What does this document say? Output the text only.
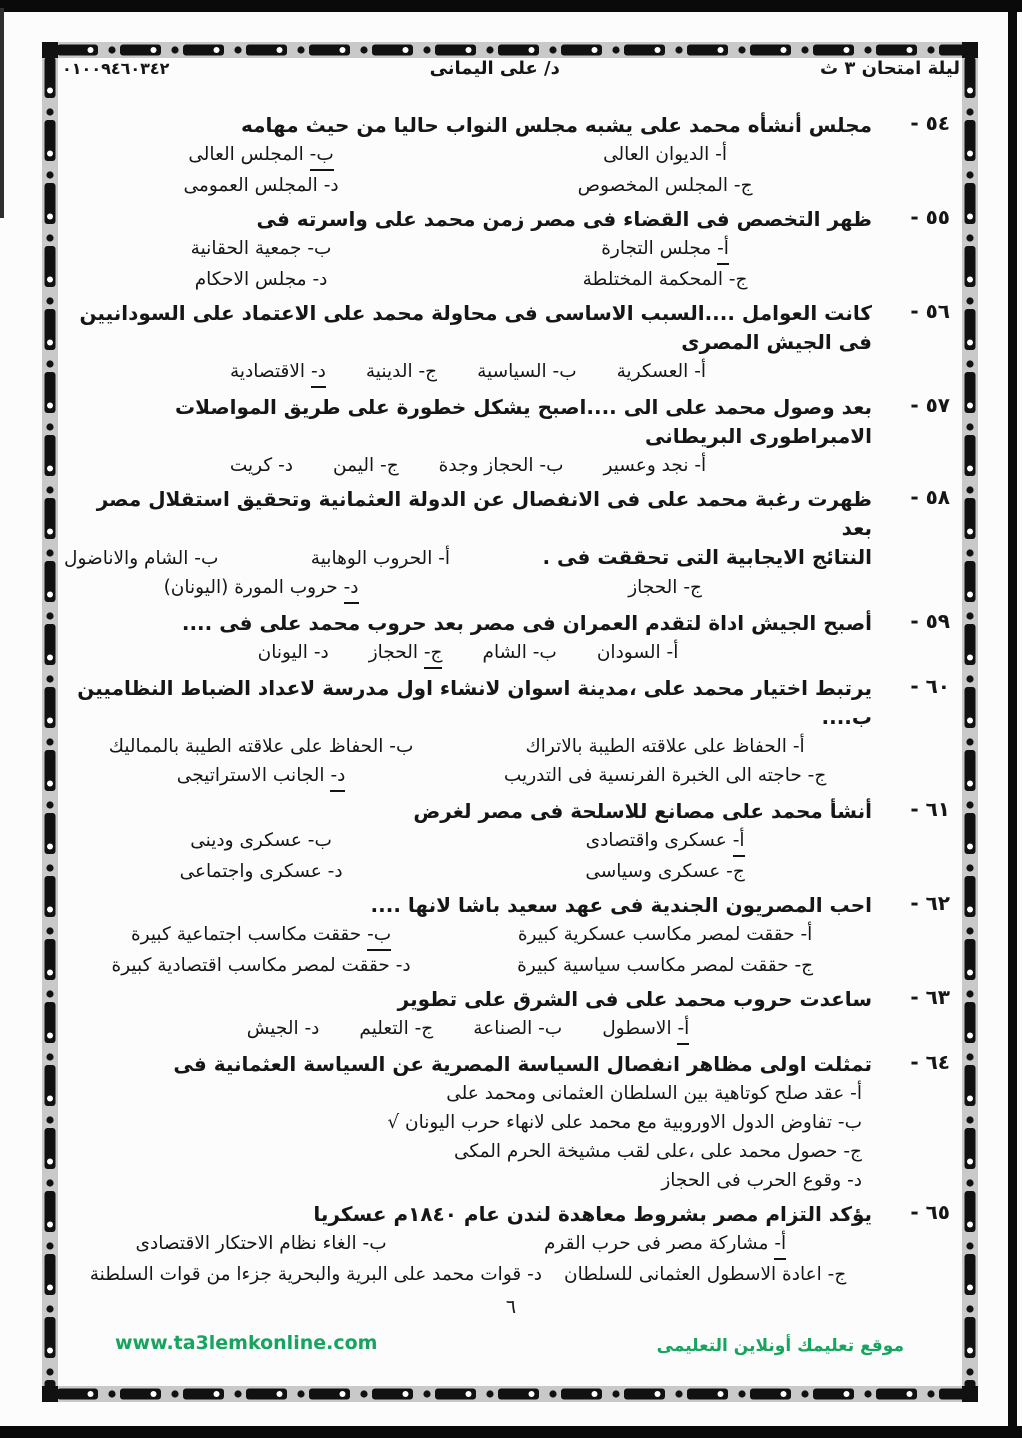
ليلة امتحان ٣ ث
د/ على اليمانى
٠١٠٠٩٤٦٠٣٤٢
٥٤ -
مجلس أنشأه محمد على يشبه مجلس النواب حاليا من حيث مهامه
أ- الديوان العالى
ب- المجلس العالى
ج- المجلس المخصوص
د- المجلس العمومى
٥٥ -
ظهر التخصص فى القضاء فى مصر زمن محمد على واسرته فى
أ- مجلس التجارة
ب- جمعية الحقانية
ج- المحكمة المختلطة
د- مجلس الاحكام
٥٦ -
كانت العوامل ....السبب الاساسى فى محاولة محمد على الاعتماد على السودانيين فى الجيش المصرى
أ- العسكرية
ب- السياسية
ج- الدينية
د- الاقتصادية
٥٧ -
بعد وصول محمد على الى ....اصبح يشكل خطورة على طريق المواصلات الامبراطورى البريطانى
أ- نجد وعسير
ب- الحجاز وجدة
ج- اليمن
د- كريت
٥٨ -
ظهرت رغبة محمد على فى الانفصال عن الدولة العثمانية وتحقيق استقلال مصر بعد
النتائج الايجابية التى تحققت فى .
أ- الحروب الوهابية
ب- الشام والاناضول
ج- الحجاز
د- حروب المورة (اليونان)
٥٩ -
أصبح الجيش اداة لتقدم العمران فى مصر بعد حروب محمد على فى ....
أ- السودان
ب- الشام
ج- الحجاز
د- اليونان
٦٠ -
يرتبط اختيار محمد على ،مدينة اسوان لانشاء اول مدرسة لاعداد الضباط النظاميين ب....
أ- الحفاظ على علاقته الطيبة بالاتراك
ب- الحفاظ على علاقته الطيبة بالمماليك
ج- حاجته الى الخبرة الفرنسية فى التدريب
د- الجانب الاستراتيجى
٦١ -
أنشأ محمد على مصانع للاسلحة فى مصر لغرض
أ- عسكرى واقتصادى
ب- عسكرى ودينى
ج- عسكرى وسياسى
د- عسكرى واجتماعى
٦٢ -
احب المصريون الجندية فى عهد سعيد باشا لانها ....
أ- حققت لمصر مكاسب عسكرية كبيرة
ب- حققت مكاسب اجتماعية كبيرة
ج- حققت لمصر مكاسب سياسية كبيرة
د- حققت لمصر مكاسب اقتصادية كبيرة
٦٣ -
ساعدت حروب محمد على فى الشرق على تطوير
أ- الاسطول
ب- الصناعة
ج- التعليم
د- الجيش
٦٤ -
تمثلت اولى مظاهر انفصال السياسة المصرية عن السياسة العثمانية فى
أ- عقد صلح كوتاهية بين السلطان العثمانى ومحمد على
ب- تفاوض الدول الاوروبية مع محمد على لانهاء حرب اليونان √
ج- حصول محمد على ،على لقب مشيخة الحرم المكى
د- وقوع الحرب فى الحجاز
٦٥ -
يؤكد التزام مصر بشروط معاهدة لندن عام ١٨٤٠م عسكريا
أ- مشاركة مصر فى حرب القرم
ب- الغاء نظام الاحتكار الاقتصادى
ج- اعادة الاسطول العثمانى للسلطان
د- قوات محمد على البرية والبحرية جزءا من قوات السلطنة
٦
www.ta3lemkonline.com	موقع تعليمك أونلاين التعليمى
